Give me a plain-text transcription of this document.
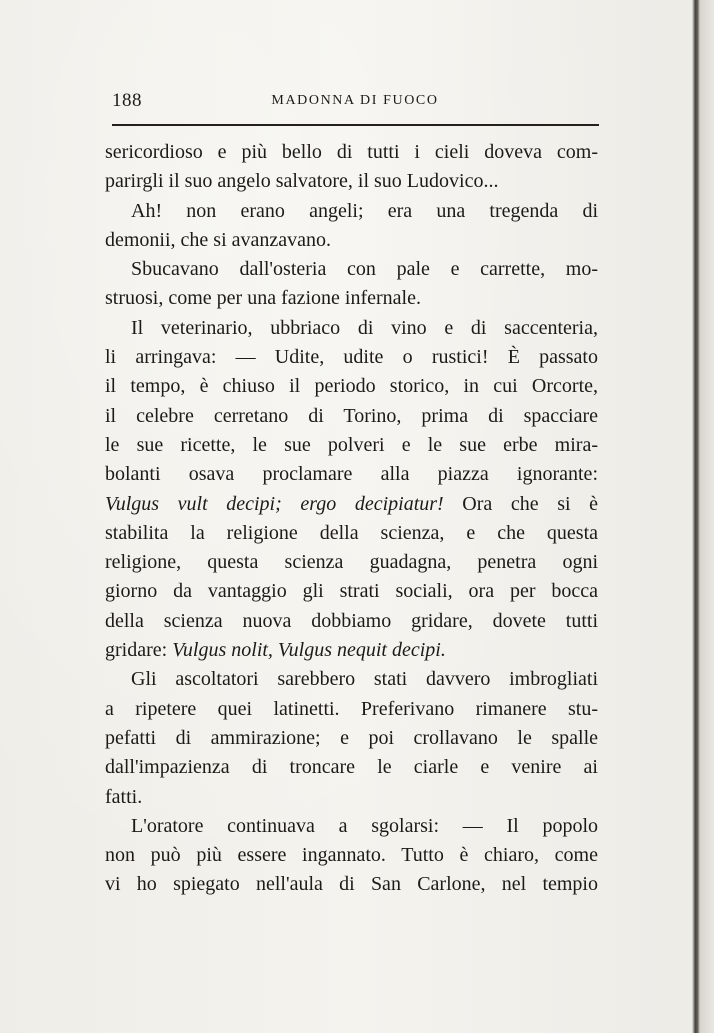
188	MADONNA DI FUOCO
sericordioso e più bello di tutti i cieli doveva com-
parirgli il suo angelo salvatore, il suo Ludovico...
Ah! non erano angeli; era una tregenda di
demonii, che si avanzavano.
Sbucavano dall'osteria con pale e carrette, mo-
struosi, come per una fazione infernale.
Il veterinario, ubbriaco di vino e di saccenteria,
li arringava: — Udite, udite o rustici! È passato
il tempo, è chiuso il periodo storico, in cui Orcorte,
il celebre cerretano di Torino, prima di spacciare
le sue ricette, le sue polveri e le sue erbe mira-
bolanti osava proclamare alla piazza ignorante:
Vulgus vult decipi; ergo decipiatur! Ora che si è
stabilita la religione della scienza, e che questa
religione, questa scienza guadagna, penetra ogni
giorno da vantaggio gli strati sociali, ora per bocca
della scienza nuova dobbiamo gridare, dovete tutti
gridare: Vulgus nolit, Vulgus nequit decipi.
Gli ascoltatori sarebbero stati davvero imbrogliati
a ripetere quei latinetti. Preferivano rimanere stu-
pefatti di ammirazione; e poi crollavano le spalle
dall'impazienza di troncare le ciarle e venire ai
fatti.
L'oratore continuava a sgolarsi: — Il popolo
non può più essere ingannato. Tutto è chiaro, come
vi ho spiegato nell'aula di San Carlone, nel tempio
